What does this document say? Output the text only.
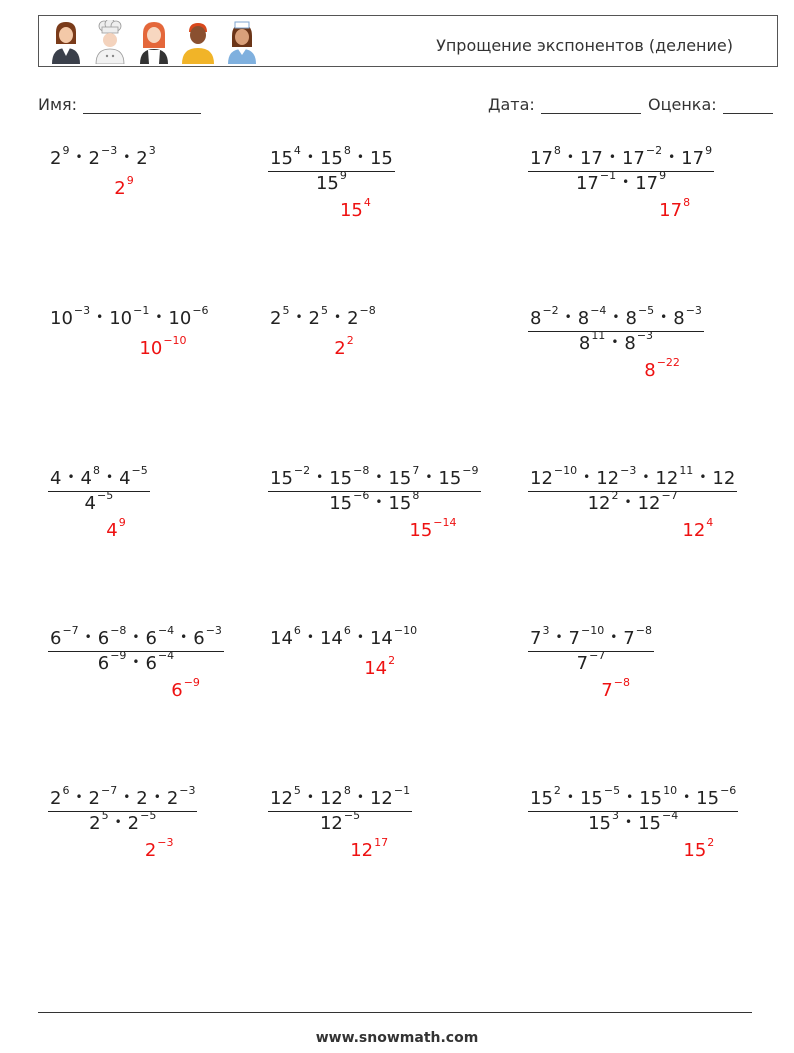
Упрощение экспонентов (деление)
Имя:	Дата:	Оценка:
$2^9$ • $2^{-3}$ • $2^3$
$2^9$	$\frac{15^4 • 15^8 • 15}{15^9}$
$15^4$
$\frac{17^8 • 17 • 17^{-2} • 17^9}{17^{-1} • 17^9}$
$17^8$
$10^{-3}$ • $10^{-1}$ • $10^{-6}$
$10^{-10}$
$2^5$ • $2^5$ • $2^{-8}$
$2^2$	$\frac{8^{-2} • 8^{-4} • 8^{-5} • 8^{-3}}{8^{11} • 8^{-3}}$
$8^{-22}$
$\frac{4 • 4^8 • 4^{-5}}{4^{-5}}$
$4^9$
$\frac{15^{-2} • 15^{-8} • 15^7 • 15^{-9}}{15^{-6} • 15^8}$
$15^{-14}$
$\frac{12^{-10} • 12^{-3} • 12^{11} • 12}{12^2 • 12^{-7}}$
$12^4$
$\frac{6^{-7} • 6^{-8} • 6^{-4} • 6^{-3}}{6^{-9} • 6^{-4}}$
$6^{-9}$
$14^6$ • $14^6$ • $14^{-10}$
$14^2$	$\frac{7^3 • 7^{-10} • 7^{-8}}{7^{-7}}$
$7^{-8}$
$\frac{2^6 • 2^{-7} • 2 • 2^{-3}}{2^5 • 2^{-5}}$
$2^{-3}$
$\frac{12^5 • 12^8 • 12^{-1}}{12^{-5}}$
$12^{17}$
$\frac{15^2 • 15^{-5} • 15^{10} • 15^{-6}}{15^3 • 15^{-4}}$
$15^2$
www.snowmath.com
